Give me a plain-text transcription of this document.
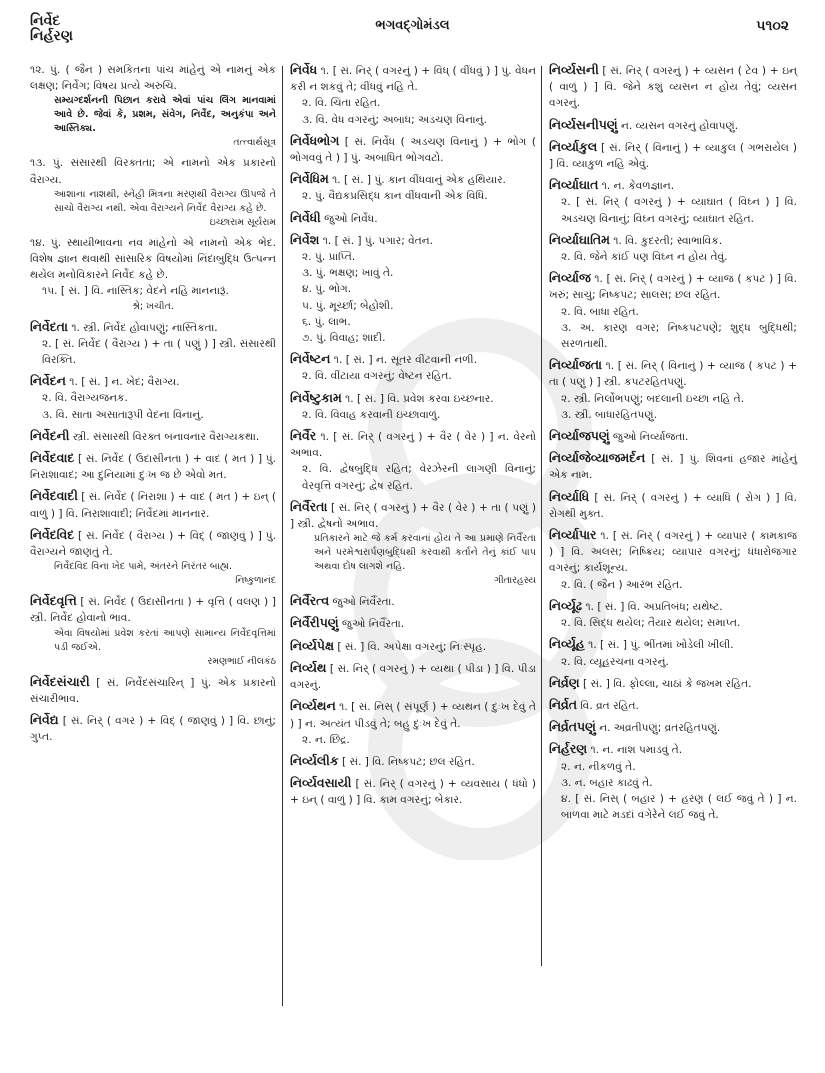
નિર્વેદ
નિર્હરણ
ભગવદ્ગોમંડલ	૫૧૦૨
૧૨. પું. ( જૈન ) સમકિતના પાંચ માંહેનું એ નામનું એક લક્ષણ; નિર્વેગ; વિષય પ્રત્યે અરુચિ.
સમ્યગ્દર્શનની પિછાન કરાવે એવાં પાંચ લિંગ માનવામાં આવે છે. જેવાં કે, પ્રશમ, સંવેગ, નિર્વેદ, અનુકંપા અને આસ્તિક્ય.
તત્ત્વાર્થસૂત્ર
૧૩. પું. સંસારથી વિરક્તતા; એ નામનો એક પ્રકારનો વૈરાગ્ય.
આશાના નાશથી, સ્નેહી મિત્રના મરણથી વૈરાગ્ય ઊપજે તે સાચો વૈરાગ્ય નથી. એવા વૈરાગ્યને નિર્વેદ વૈરાગ્ય કહે છે.
ઇચ્છારામ સૂર્યરામ
૧૪. પું. સ્થાયીભાવના નવ માંહેનો એ નામનો એક ભેદ. વિશેષ જ્ઞાન થવાથી સાંસારિક વિષયોમાં નિંદાબુદ્ધિ ઉત્પન્ન થયેલ મનોવિકારને નિર્વેદ કહે છે.
૧૫. [ સં. ] વિ. નાસ્તિક; વેદને નહિ માનનારૂં.
શ્રે; ખચીત.
નિર્વેદતા ૧. સ્ત્રી. નિર્વેદ હોવાપણું; નાસ્તિકતા.
૨. [ સં. નિર્વેદ ( વૈરાગ્ય ) + તા ( પણું ) ] સ્ત્રી. સંસારથી વિરક્તિ.
નિર્વેદન ૧. [ સં. ] ન. ખેદ; વૈરાગ્ય.
૨. વિ. વૈરાગ્યજનક.
૩. વિ. સાતા અસાતારૂપી વેદના વિનાનું.
નિર્વેદની સ્ત્રી. સંસારથી વિરક્ત બનાવનાર વૈરાગ્યકથા.
નિર્વેદવાદ [ સં. નિર્વેદ ( ઉદાસીનતા ) + વાદ ( મત ) ] પું. નિરાશાવાદ; આ દુનિયામાં દુઃખ જ છે એવો મત.
નિર્વેદવાદી [ સં. નિર્વેદ ( નિરાશા ) + વાદ ( મત ) + ઇન્ ( વાળું ) ] વિ. નિરાશાવાદી; નિર્વેદમાં માનનાર.
નિર્વેદવિદ [ સં. નિર્વેદ ( વૈરાગ્ય ) + વિદ્ ( જાણવું ) ] પું. વૈરાગ્યને જાણતું તે.
નિર્વેદવિદ વિના ખેદ પામે, અંતરને નિરંતર બાહ્ય.
નિષ્કુળાનંદ
નિર્વેદવૃત્તિ [ સં. નિર્વેદ ( ઉદાસીનતા ) + વૃત્તિ ( વલણ ) ] સ્ત્રી. નિર્વેદ હોવાનો ભાવ.
એવા વિષયોમાં પ્રવેશ કરતાં આપણે સામાન્ય નિર્વેદવૃત્તિમાં પડી જઈએ.
રમણભાઈ નીલકંઠ
નિર્વેદસંચારી [ સં. નિર્વેદસંચારિન્ ] પું. એક પ્રકારનો સંચારીભાવ.
નિર્વેદ્ય [ સં. નિર્ ( વગર ) + વિદ્ ( જાણવું ) ] વિ. છાનું; ગુપ્ત.
નિર્વેધ ૧. [ સં. નિર્ ( વગરનું ) + વિધ્ ( વીંધવું ) ] પું. વેધન કરી ન શકવું તે; વીંધવું નહિ તે.
૨. વિ. ચિંતા રહિત.
૩. વિ. વેધ વગરનું; અબાધ; અડચણ વિનાનું.
નિર્વેધભોગ [ સં. નિર્વેધ ( અડચણ વિનાનું ) + ભોગ ( ભોગવવું તે ) ] પું. અબાધિત ભોગવટો.
નિર્વેધિમ ૧. [ સં. ] પું. કાન વીંધવાનું એક હથિયાર.
૨. પું. વૈદ્યકપ્રસિદ્ધ કાન વીંધવાની એક વિધિ.
નિર્વેધી જુઓ નિર્વેધ.
નિર્વેશ ૧. [ સં. ] પું. પગાર; વેતન.
૨. પું. પ્રાપ્તિ.
૩. પું. ભક્ષણ; ખાવું તે.
૪. પું. ભોગ.
૫. પું. મૂર્ચ્છા; બેહોશી.
૬. પું. લાભ.
૭. પું. વિવાહ; શાદી.
નિર્વેષ્ટન ૧. [ સં. ] ન. સૂતર વીંટવાની નળી.
૨. વિ. વીંટાયા વગરનું; વેષ્ટન રહિત.
નિર્વેષ્ટુકામ ૧. [ સં. ] વિ. પ્રવેશ કરવા ઇચ્છનાર.
૨. વિ. વિવાહ કરવાની ઇચ્છાવાળું.
નિર્વૈર ૧. [ સં. નિર્ ( વગરનું ) + વૈર ( વેર ) ] ન. વેરનો અભાવ.
૨. વિ. દ્વેષબુદ્ધિ રહિત; વેરઝેરની લાગણી વિનાનું; વેરવૃત્તિ વગરનું; દ્વેષ રહિત.
નિર્વૈરતા [ સં. નિર્ ( વગરનું ) + વૈર ( વેર ) + તા ( પણું ) ] સ્ત્રી. દ્વેષનો અભાવ.
પ્રતિકારને માટે જે કર્મ કરવાનાં હોય તે આ પ્રમાણે નિર્વૈરતા અને પરમેશ્વરાર્પણબુદ્ધિથી કરવાથી કર્તાને તેનું કાંઈ પાપ અથવા દોષ લાગશે નહિ.
ગીતારહસ્ય
નિર્વૈરત્વ જુઓ નિર્વૈરતા.
નિર્વૈરીપણું જુઓ નિર્વૈરતા.
નિર્વ્યપેક્ષ [ સં. ] વિ. અપેક્ષા વગરનું; નિઃસ્પૃહ.
નિર્વ્યથ [ સં. નિર્ ( વગરનું ) + વ્યથા ( પીડા ) ] વિ. પીડા વગરનું.
નિર્વ્યથન ૧. [ સં. નિસ્ ( સંપૂર્ણ ) + વ્યથન ( દુઃખ દેવું તે ) ] ન. અત્યંત પીડવું તે; બહુ દુઃખ દેવું તે.
૨. ન. છિદ્ર.
નિર્વ્યલીક [ સં. ] વિ. નિષ્કપટ; છલ રહિત.
નિર્વ્યવસાયી [ સં. નિર્ ( વગરનું ) + વ્યવસાય ( ધંધો ) + ઇન્ ( વાળું ) ] વિ. કામ વગરનું; બેકાર.
નિર્વ્યસની [ સં. નિર્ ( વગરનું ) + વ્યસન ( ટેવ ) + ઇન્ ( વાળું ) ] વિ. જેને કશું વ્યસન ન હોય તેવું; વ્યસન વગરનું.
નિર્વ્યસનીપણું ન. વ્યસન વગરનું હોવાપણું.
નિર્વ્યાકુલ [ સં. નિર્ ( વિનાનું ) + વ્યાકુલ ( ગભરાયેલ ) ] વિ. વ્યાકુળ નહિ એવું.
નિર્વ્યાઘાત ૧. ન. કેવળજ્ઞાન.
૨. [ સં. નિર્ ( વગરનું ) + વ્યાઘાત ( વિઘ્ન ) ] વિ. અડચણ વિનાનું; વિઘ્ન વગરનું; વ્યાઘાત રહિત.
નિર્વ્યાઘાતિમ ૧. વિ. કુદરતી; સ્વાભાવિક.
૨. વિ. જેને કાંઈ પણ વિઘ્ન ન હોય તેવું.
નિર્વ્યાજ ૧. [ સં. નિર્ ( વગરનું ) + વ્યાજ ( કપટ ) ] વિ. ખરું; સાચું; નિષ્કપટ; સાલસ; છલ રહિત.
૨. વિ. બાધા રહિત.
૩. અ. કારણ વગર; નિષ્કપટપણે; શુદ્ધ બુદ્ધિથી; સરળતાથી.
નિર્વ્યાજતા ૧. [ સં. નિર્ ( વિનાનું ) + વ્યાજ ( કપટ ) + તા ( પણું ) ] સ્ત્રી. કપટરહિતપણું.
૨. સ્ત્રી. નિર્લોભપણું; બદલાની ઇચ્છા નહિ તે.
૩. સ્ત્રી. બાધારહિતપણું.
નિર્વ્યાજપણું જુઓ નિર્વ્યાજતા.
નિર્વ્યાજેવ્યાજમર્દન [ સં. ] પું. શિવનાં હજાર માંહેનું એક નામ.
નિર્વ્યાધિ [ સં. નિર્ ( વગરનું ) + વ્યાધિ ( રોગ ) ] વિ. રોગથી મુક્ત.
નિર્વ્યાપાર ૧. [ સં. નિર્ ( વગરનું ) + વ્યાપાર ( કામકાજ ) ] વિ. અલસ; નિષ્ક્રિય; વ્યાપાર વગરનું; ધંધારોજગાર વગરનું; કાર્યશૂન્ય.
૨. વિ. ( જૈન ) આરંભ રહિત.
નિર્વ્યૂઢ ૧. [ સં. ] વિ. અપ્રતિબંધ; યથેષ્ટ.
૨. વિ. સિદ્ધ થયેલ; તૈયાર થયેલ; સમાપ્ત.
નિર્વ્યૂહ ૧. [ સં. ] પું. ભીંતમાં ખોડેલી ખીલી.
૨. વિ. વ્યૂહરચના વગરનું.
નિર્વ્રણ [ સં. ] વિ. ફોલ્લા, ચાઠાં કે જખમ રહિત.
નિર્વ્રત વિ. વ્રત રહિત.
નિર્વ્રતપણું ન. અવ્રતીપણું; વ્રતરહિતપણું.
નિર્હરણ ૧. ન. નાશ પમાડવું તે.
૨. ન. નીકળવું તે.
૩. ન. બહાર કાઢવું તે.
૪. [ સં. નિસ્ ( બહાર ) + હરણ ( લઈ જવું તે ) ] ન. બાળવા માટે મડદાં વગેરેને લઈ જવું તે.
